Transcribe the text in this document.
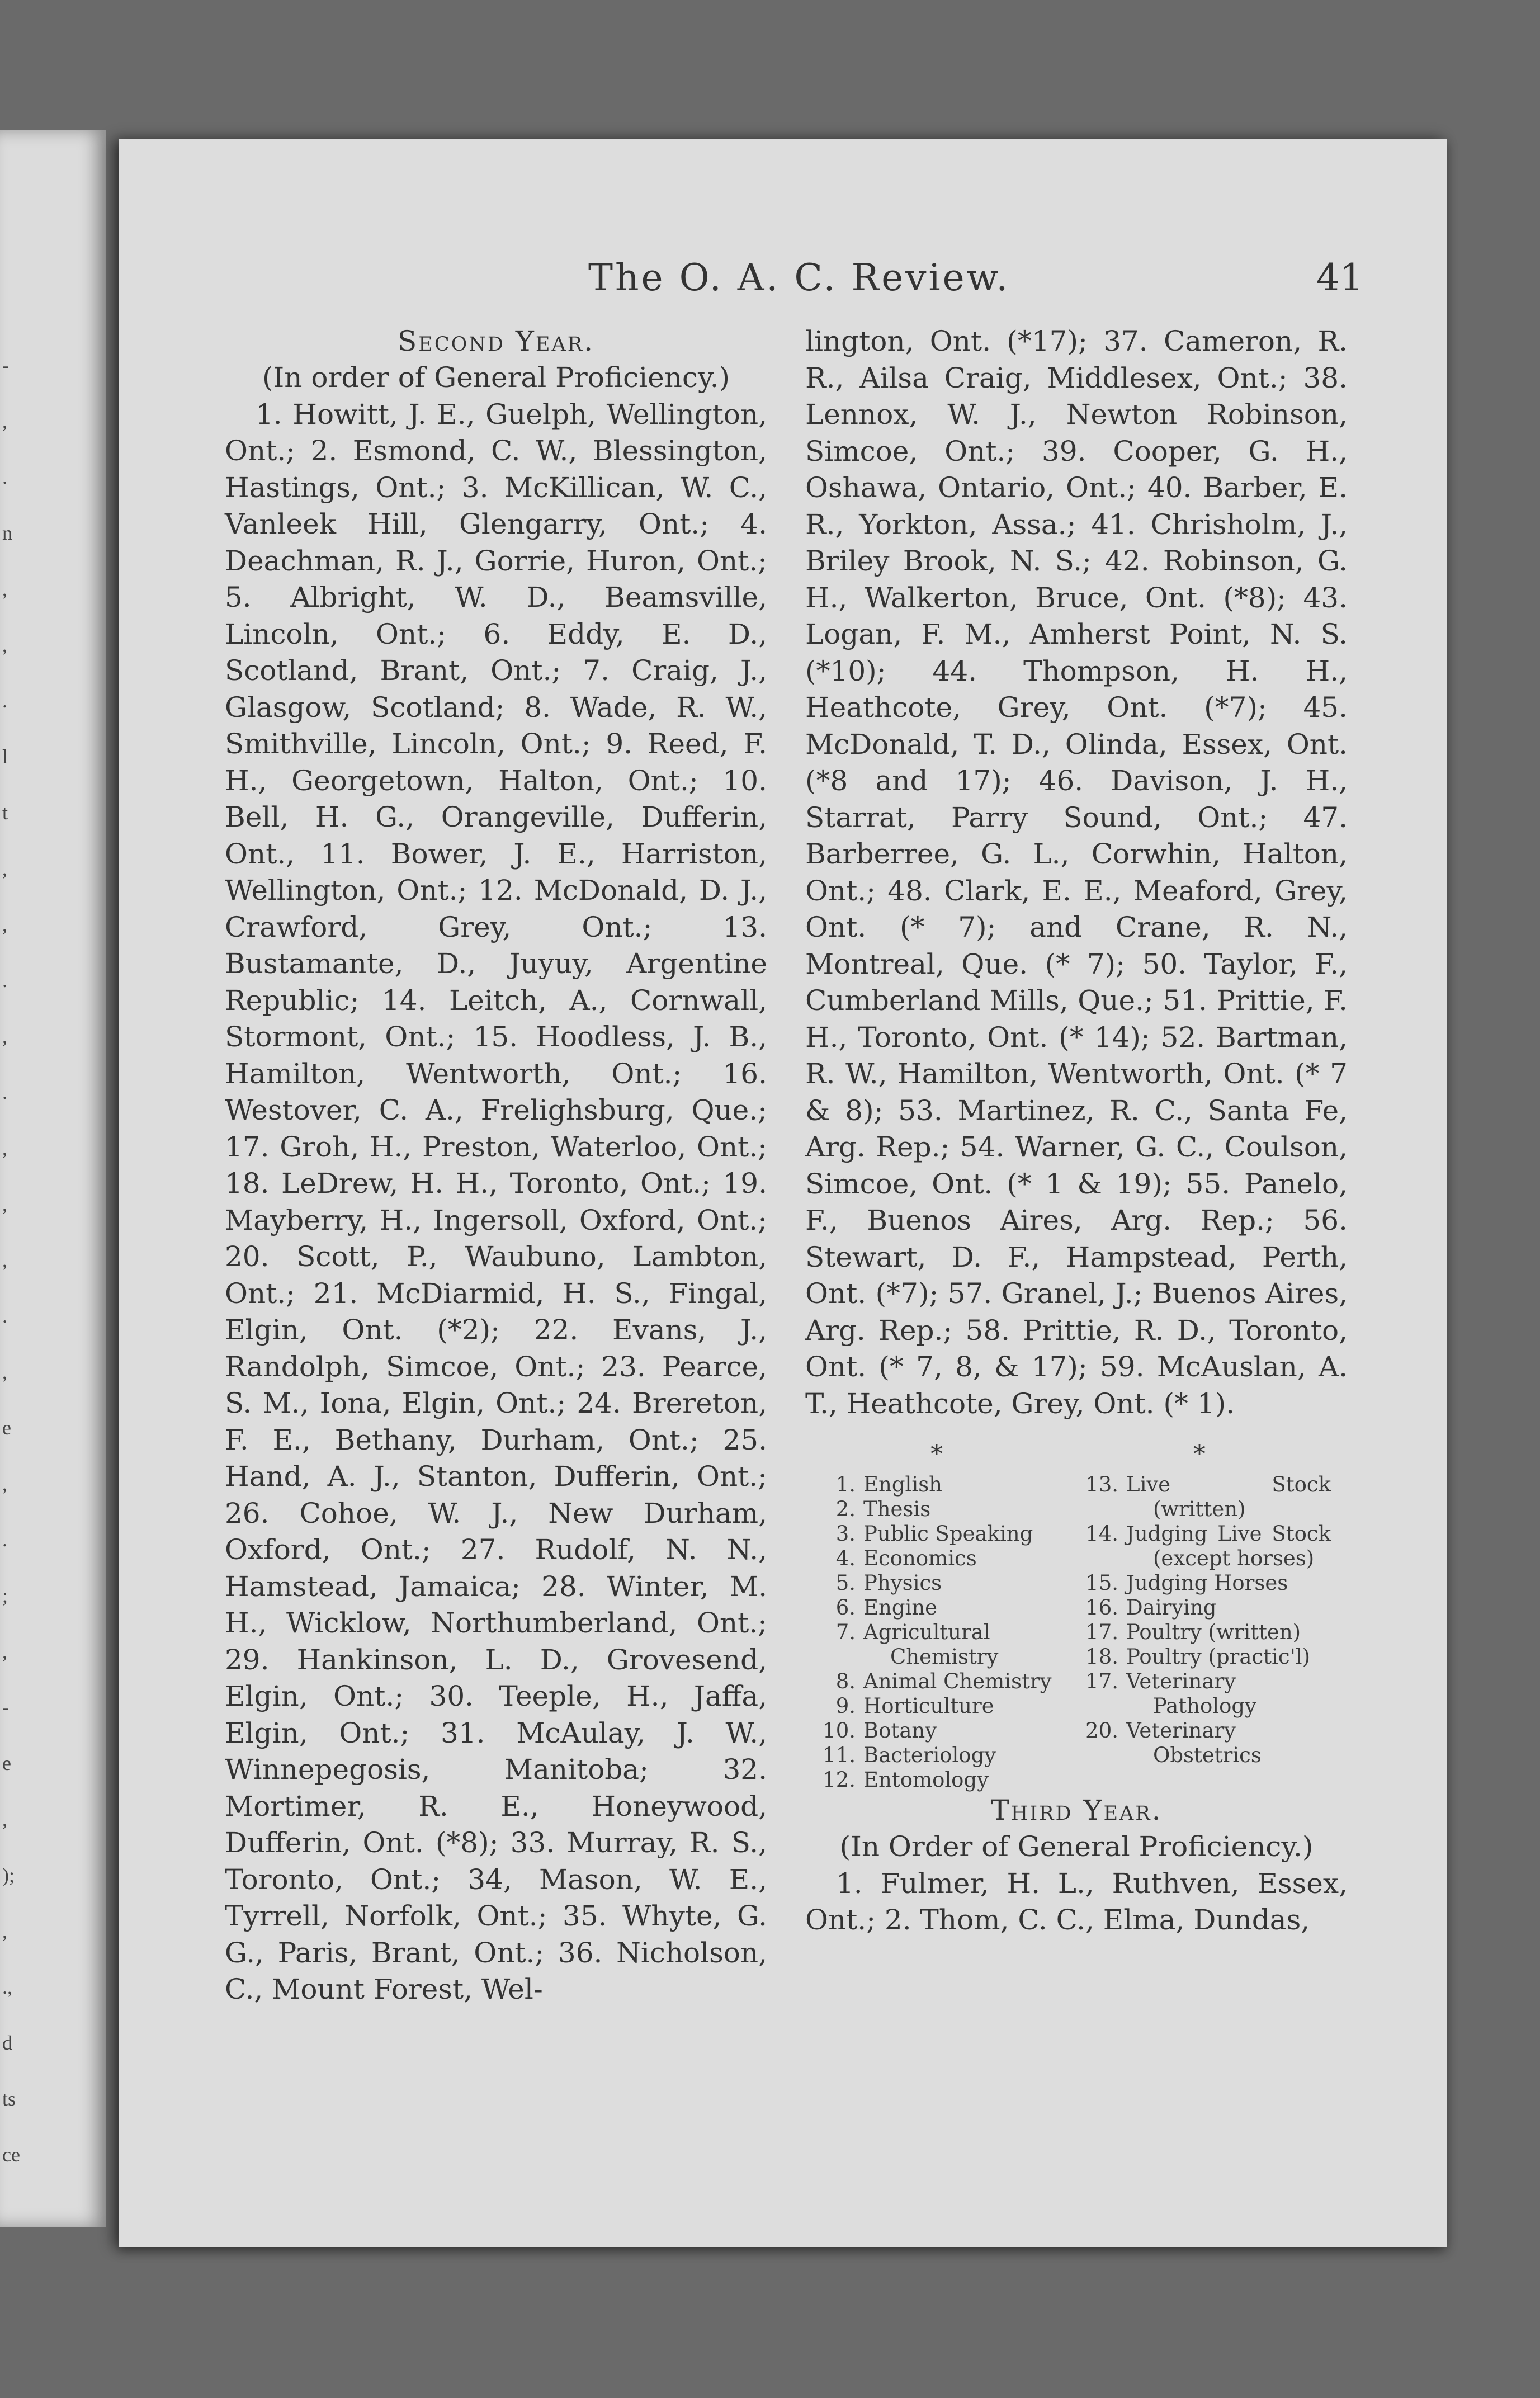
-
,
.
n
,
,
.
l
t
,
,
.
,
.
,
,
,
.
,
e
,
.
;
,
-
e
,
);
,
.,
d
ts
ce
The O. A. C. Review.	41

Second Year.

(In order of General Proficiency.)

1. Howitt, J. E., Guelph, Wellington, Ont.; 2. Esmond, C. W., Blessington, Hastings, Ont.; 3. McKillican, W. C., Vanleek Hill, Glengarry, Ont.; 4. Deachman, R. J., Gorrie, Huron, Ont.; 5. Albright, W. D., Beamsville, Lincoln, Ont.; 6. Eddy, E. D., Scotland, Brant, Ont.; 7. Craig, J., Glasgow, Scotland; 8. Wade, R. W., Smithville, Lincoln, Ont.; 9. Reed, F. H., Georgetown, Halton, Ont.; 10. Bell, H. G., Orangeville, Dufferin, Ont., 11. Bower, J. E., Harriston, Wellington, Ont.; 12. McDonald, D. J., Crawford, Grey, Ont.; 13. Bustamante, D., Juyuy, Argentine Republic; 14. Leitch, A., Cornwall, Stormont, Ont.; 15. Hoodless, J. B., Hamilton, Wentworth, Ont.; 16. Westover, C. A., Frelighsburg, Que.; 17. Groh, H., Preston, Waterloo, Ont.; 18. LeDrew, H. H., Toronto, Ont.; 19. Mayberry, H., Ingersoll, Oxford, Ont.; 20. Scott, P., Waubuno, Lambton, Ont.; 21. McDiarmid, H. S., Fingal, Elgin, Ont. (*2); 22. Evans, J., Randolph, Simcoe, Ont.; 23. Pearce, S. M., Iona, Elgin, Ont.; 24. Brereton, F. E., Bethany, Durham, Ont.; 25. Hand, A. J., Stanton, Dufferin, Ont.; 26. Cohoe, W. J., New Durham, Oxford, Ont.; 27. Rudolf, N. N., Hamstead, Jamaica; 28. Winter, M. H., Wicklow, Northumberland, Ont.; 29. Hankinson, L. D., Grovesend, Elgin, Ont.; 30. Teeple, H., Jaffa, Elgin, Ont.; 31. McAulay, J. W., Winnepegosis, Manitoba; 32. Mortimer, R. E., Honeywood, Dufferin, Ont. (*8); 33. Murray, R. S., Toronto, Ont.; 34, Mason, W. E., Tyrrell, Norfolk, Ont.; 35. Whyte, G. G., Paris, Brant, Ont.; 36. Nicholson, C., Mount Forest, Wel-

lington, Ont. (*17); 37. Cameron, R. R., Ailsa Craig, Middlesex, Ont.; 38. Lennox, W. J., Newton Robinson, Simcoe, Ont.; 39. Cooper, G. H., Oshawa, Ontario, Ont.; 40. Barber, E. R., Yorkton, Assa.; 41. Chrisholm, J., Briley Brook, N. S.; 42. Robinson, G. H., Walkerton, Bruce, Ont. (*8); 43. Logan, F. M., Amherst Point, N. S. (*10); 44. Thompson, H. H., Heathcote, Grey, Ont. (*7); 45. McDonald, T. D., Olinda, Essex, Ont. (*8 and 17); 46. Davison, J. H., Starrat, Parry Sound, Ont.; 47. Barberree, G. L., Corwhin, Halton, Ont.; 48. Clark, E. E., Meaford, Grey, Ont. (* 7); and Crane, R. N., Montreal, Que. (* 7); 50. Taylor, F., Cumberland Mills, Que.; 51. Prittie, F. H., Toronto, Ont. (* 14); 52. Bartman, R. W., Hamilton, Wentworth, Ont. (* 7 & 8); 53. Martinez, R. C., Santa Fe, Arg. Rep.; 54. Warner, G. C., Coulson, Simcoe, Ont. (* 1 & 19); 55. Panelo, F., Buenos Aires, Arg. Rep.; 56. Stewart, D. F., Hampstead, Perth, Ont. (*7); 57. Granel, J.; Buenos Aires, Arg. Rep.; 58. Prittie, R. D., Toronto, Ont. (* 7, 8, & 17); 59. McAuslan, A. T., Heathcote, Grey, Ont. (* 1).

*
1. English
2. Thesis
3. Public Speaking
4. Economics
5. Physics
6. Engine
7. Agricultural Chemistry
8. Animal Chemistry
9. Horticulture
10. Botany
11. Bacteriology
12. Entomology
*
13. Live Stock (written)
14. Judging Live Stock (except horses)
15. Judging Horses
16. Dairying
17. Poultry (written)
18. Poultry (practic'l)
17. Veterinary Pathology
20. Veterinary Obstetrics

Third Year.

(In Order of General Proficiency.)

1. Fulmer, H. L., Ruthven, Essex, Ont.; 2. Thom, C. C., Elma, Dundas,
